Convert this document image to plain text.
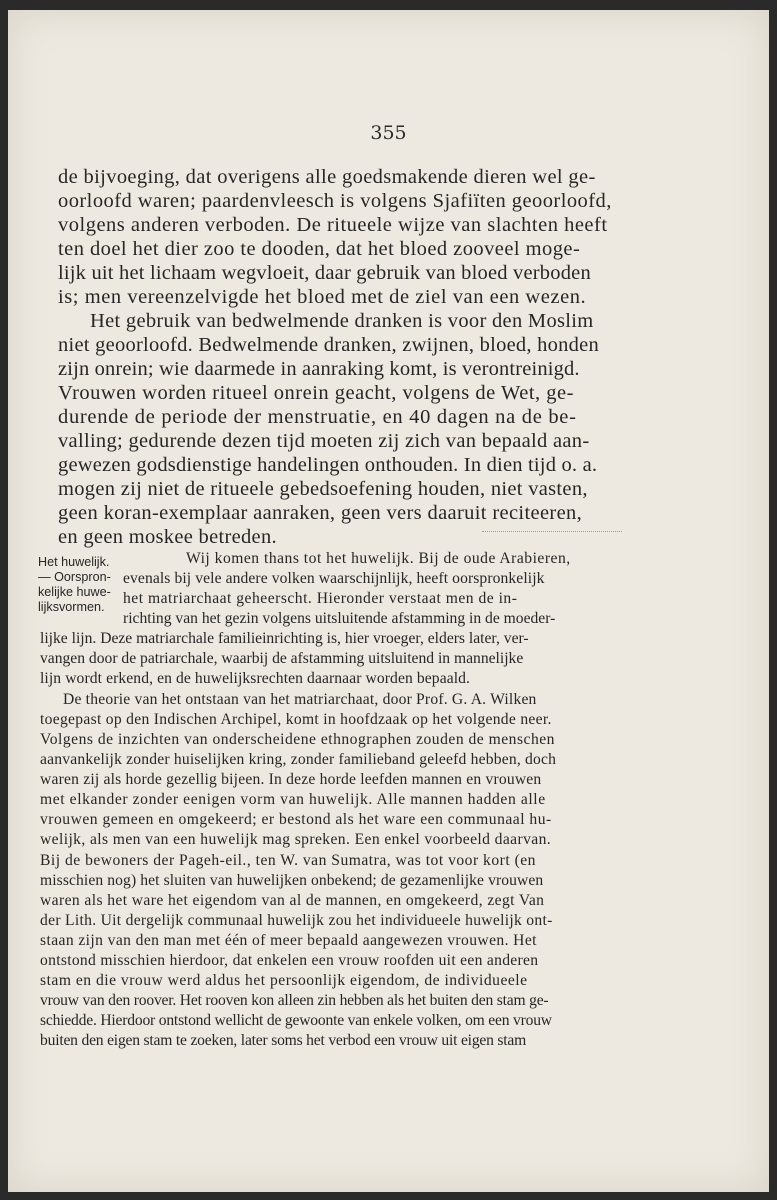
355
de bijvoeging, dat overigens alle goedsmakende dieren wel ge-
oorloofd waren; paardenvleesch is volgens Sjafiïten geoorloofd,
volgens anderen verboden. De ritueele wijze van slachten heeft
ten doel het dier zoo te dooden, dat het bloed zooveel moge-
lijk uit het lichaam wegvloeit, daar gebruik van bloed verboden
is; men vereenzelvigde het bloed met de ziel van een wezen.
Het gebruik van bedwelmende dranken is voor den Moslim
niet geoorloofd. Bedwelmende dranken, zwijnen, bloed, honden
zijn onrein; wie daarmede in aanraking komt, is verontreinigd.
Vrouwen worden ritueel onrein geacht, volgens de Wet, ge-
durende de periode der menstruatie, en 40 dagen na de be-
valling; gedurende dezen tijd moeten zij zich van bepaald aan-
gewezen godsdienstige handelingen onthouden. In dien tijd o. a.
mogen zij niet de ritueele gebedsoefening houden, niet vasten,
geen koran-exemplaar aanraken, geen vers daaruit reciteeren,
en geen moskee betreden.
Het huwelijk.
— Oorspron-
kelijke huwe-
lijksvormen.
Wij komen thans tot het huwelijk. Bij de oude Arabieren,
evenals bij vele andere volken waarschijnlijk, heeft oorspronkelijk
het matriarchaat geheerscht. Hieronder verstaat men de in-
richting van het gezin volgens uitsluitende afstamming in de moeder-
lijke lijn. Deze matriarchale familieinrichting is, hier vroeger, elders later, ver-
vangen door de patriarchale, waarbij de afstamming uitsluitend in mannelijke
lijn wordt erkend, en de huwelijksrechten daarnaar worden bepaald.
De theorie van het ontstaan van het matriarchaat, door Prof. G. A. Wilken
toegepast op den Indischen Archipel, komt in hoofdzaak op het volgende neer.
Volgens de inzichten van onderscheidene ethnographen zouden de menschen
aanvankelijk zonder huiselijken kring, zonder familieband geleefd hebben, doch
waren zij als horde gezellig bijeen. In deze horde leefden mannen en vrouwen
met elkander zonder eenigen vorm van huwelijk. Alle mannen hadden alle
vrouwen gemeen en omgekeerd; er bestond als het ware een communaal hu-
welijk, als men van een huwelijk mag spreken. Een enkel voorbeeld daarvan.
Bij de bewoners der Pageh-eil., ten W. van Sumatra, was tot voor kort (en
misschien nog) het sluiten van huwelijken onbekend; de gezamenlijke vrouwen
waren als het ware het eigendom van al de mannen, en omgekeerd, zegt Van
der Lith. Uit dergelijk communaal huwelijk zou het individueele huwelijk ont-
staan zijn van den man met één of meer bepaald aangewezen vrouwen. Het
ontstond misschien hierdoor, dat enkelen een vrouw roofden uit een anderen
stam en die vrouw werd aldus het persoonlijk eigendom, de individueele
vrouw van den roover. Het rooven kon alleen zin hebben als het buiten den stam ge-
schiedde. Hierdoor ontstond wellicht de gewoonte van enkele volken, om een vrouw
buiten den eigen stam te zoeken, later soms het verbod een vrouw uit eigen stam
